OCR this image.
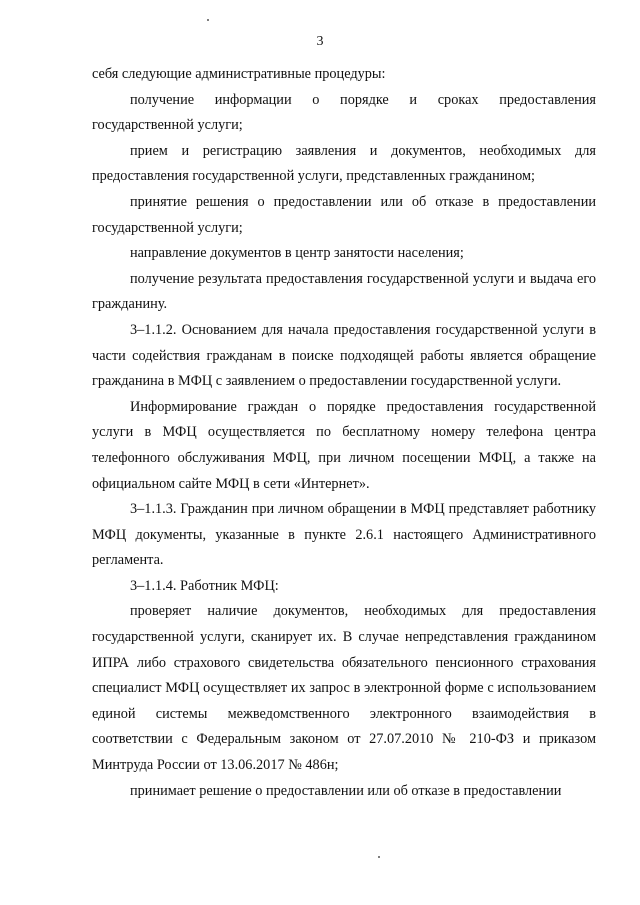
3

себя следующие административные процедуры:

получение информации о порядке и сроках предоставления государственной услуги;

прием и регистрацию заявления и документов, необходимых для предоставления государственной услуги, представленных гражданином;

принятие решения о предоставлении или об отказе в предоставлении государственной услуги;

направление документов в центр занятости населения;

получение результата предоставления государственной услуги и выдача его гражданину.

3–1.1.2. Основанием для начала предоставления государственной услуги в части содействия гражданам в поиске подходящей работы является обращение гражданина в МФЦ с заявлением о предоставлении государственной услуги.

Информирование граждан о порядке предоставления государственной услуги в МФЦ осуществляется по бесплатному номеру телефона центра телефонного обслуживания МФЦ, при личном посещении МФЦ, а также на официальном сайте МФЦ в сети «Интернет».

3–1.1.3. Гражданин при личном обращении в МФЦ представляет работнику МФЦ документы, указанные в пункте 2.6.1 настоящего Административного регламента.

3–1.1.4. Работник МФЦ:

проверяет наличие документов, необходимых для предоставления государственной услуги, сканирует их. В случае непредставления гражданином ИПРА либо страхового свидетельства обязательного пенсионного страхования специалист МФЦ осуществляет их запрос в электронной форме с использованием единой системы межведомственного электронного взаимодействия в соответствии с Федеральным законом от 27.07.2010 № 210-ФЗ и приказом Минтруда России от 13.06.2017 № 486н;

принимает решение о предоставлении или об отказе в предоставлении
